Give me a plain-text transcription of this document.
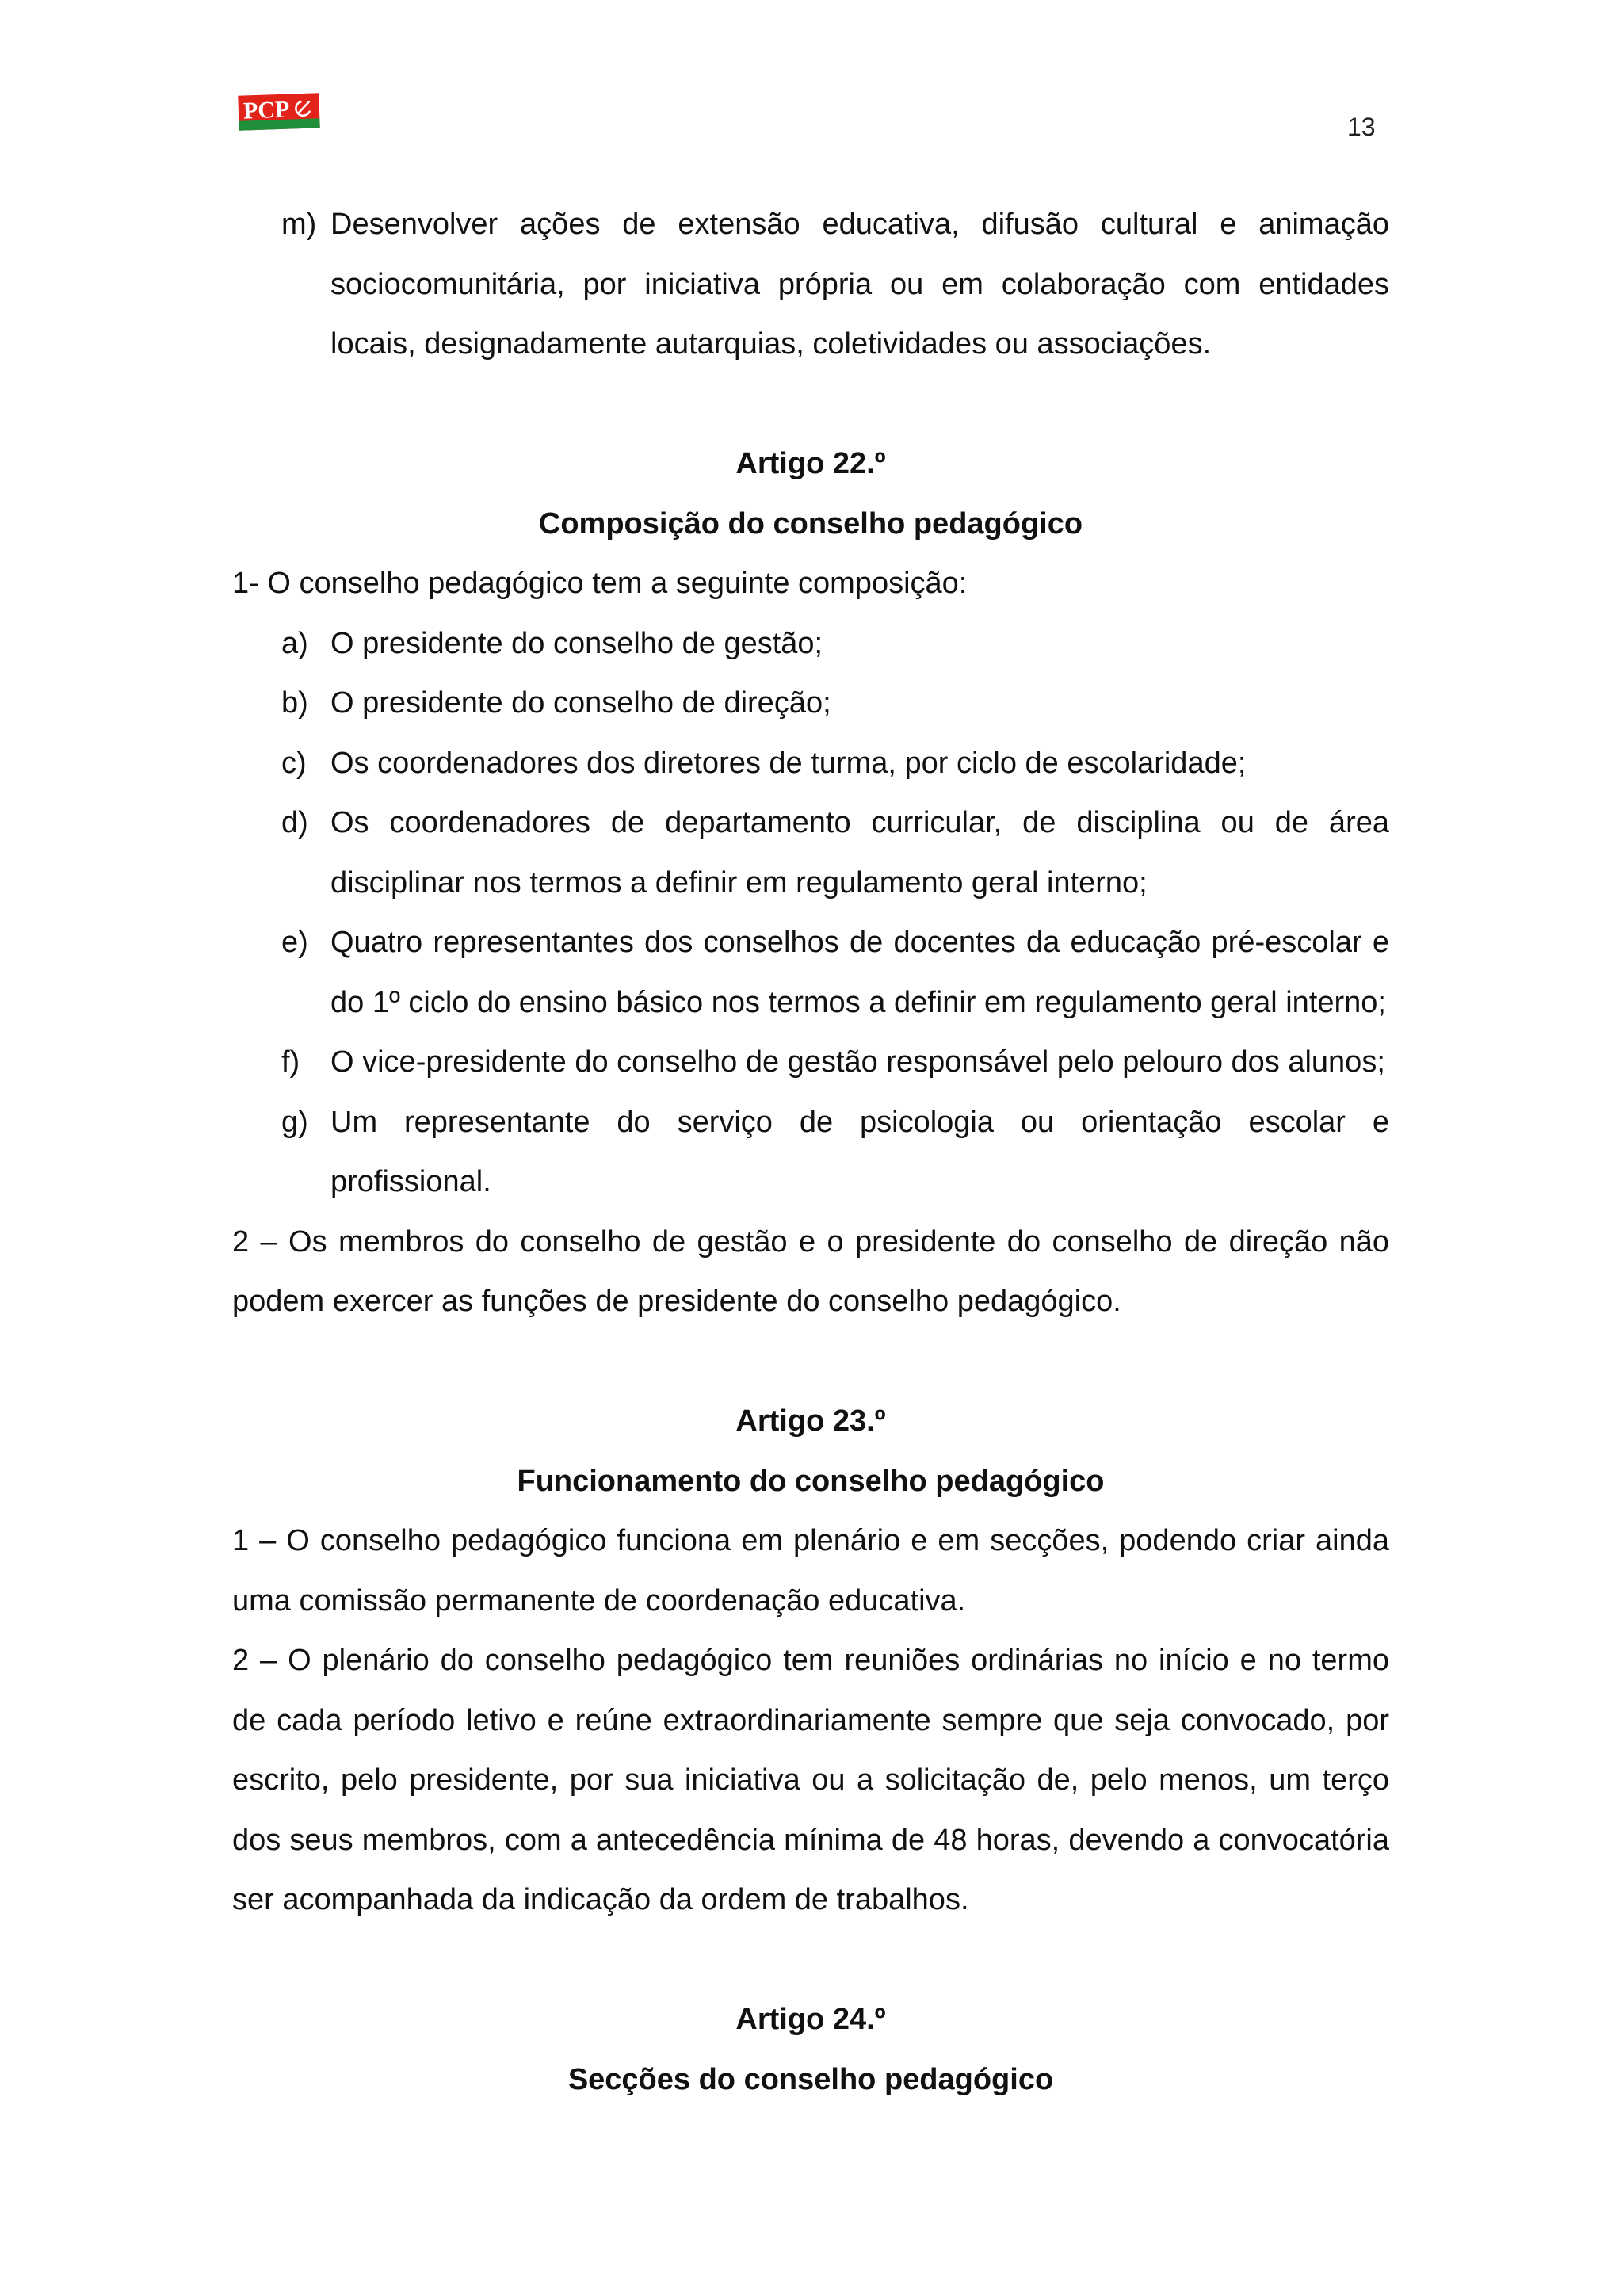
PCP
13
m) Desenvolver ações de extensão educativa, difusão cultural e animação sociocomunitária, por iniciativa própria ou em colaboração com entidades locais, designadamente autarquias, coletividades ou associações.
Artigo 22.º
Composição do conselho pedagógico
1- O conselho pedagógico tem a seguinte composição:
a) O presidente do conselho de gestão;
b) O presidente do conselho de direção;
c) Os coordenadores dos diretores de turma, por ciclo de escolaridade;
d) Os coordenadores de departamento curricular, de disciplina ou de área disciplinar nos termos a definir em regulamento geral interno;
e) Quatro representantes dos conselhos de docentes da educação pré-escolar e do 1º ciclo do ensino básico nos termos a definir em regulamento geral interno;
f) O vice-presidente do conselho de gestão responsável pelo pelouro dos alunos;
g) Um representante do serviço de psicologia ou orientação escolar e profissional.
2 – Os membros do conselho de gestão e o presidente do conselho de direção não podem exercer as funções de presidente do conselho pedagógico.
Artigo 23.º
Funcionamento do conselho pedagógico
1 – O conselho pedagógico funciona em plenário e em secções, podendo criar ainda uma comissão permanente de coordenação educativa.
2 – O plenário do conselho pedagógico tem reuniões ordinárias no início e no termo de cada período letivo e reúne extraordinariamente sempre que seja convocado, por escrito, pelo presidente, por sua iniciativa ou a solicitação de, pelo menos, um terço dos seus membros, com a antecedência mínima de 48 horas, devendo a convocatória ser acompanhada da indicação da ordem de trabalhos.
Artigo 24.º
Secções do conselho pedagógico
